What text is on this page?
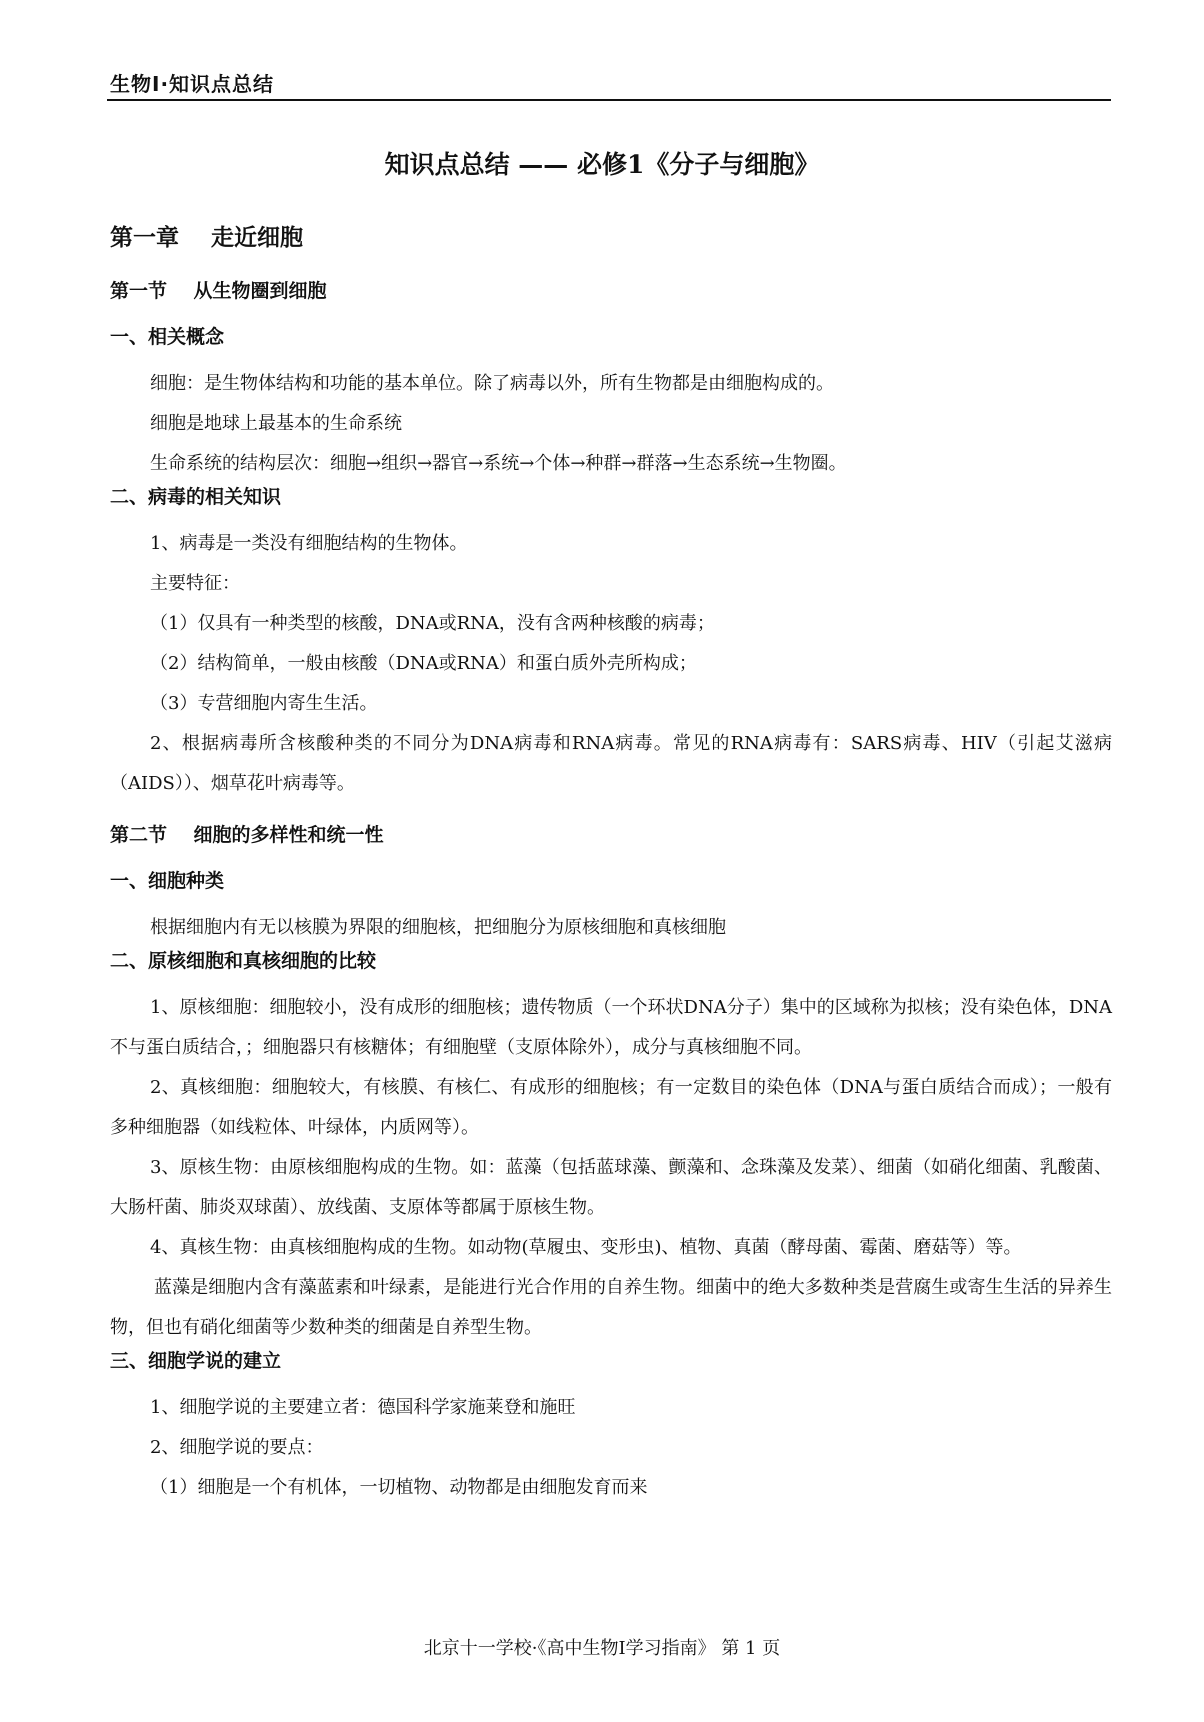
生物Ⅰ·知识点总结
知识点总结 —— 必修1《分子与细胞》
第一章    走近细胞
第一节    从生物圈到细胞
一、相关概念
细胞：是生物体结构和功能的基本单位。除了病毒以外，所有生物都是由细胞构成的。
细胞是地球上最基本的生命系统
生命系统的结构层次：细胞→组织→器官→系统→个体→种群→群落→生态系统→生物圈。
二、病毒的相关知识
1、病毒是一类没有细胞结构的生物体。
主要特征：
（1）仅具有一种类型的核酸，DNA或RNA，没有含两种核酸的病毒；
（2）结构简单，一般由核酸（DNA或RNA）和蛋白质外壳所构成；
（3）专营细胞内寄生生活。
2、根据病毒所含核酸种类的不同分为DNA病毒和RNA病毒。常见的RNA病毒有：SARS病毒、HIV（引起艾滋病（AIDS））、烟草花叶病毒等。
第二节    细胞的多样性和统一性
一、细胞种类
根据细胞内有无以核膜为界限的细胞核，把细胞分为原核细胞和真核细胞
二、原核细胞和真核细胞的比较
1、原核细胞：细胞较小，没有成形的细胞核；遗传物质（一个环状DNA分子）集中的区域称为拟核；没有染色体，DNA不与蛋白质结合，；细胞器只有核糖体；有细胞壁（支原体除外），成分与真核细胞不同。
2、真核细胞：细胞较大，有核膜、有核仁、有成形的细胞核；有一定数目的染色体（DNA与蛋白质结合而成）；一般有多种细胞器（如线粒体、叶绿体，内质网等）。
3、原核生物：由原核细胞构成的生物。如：蓝藻（包括蓝球藻、颤藻和、念珠藻及发菜）、细菌（如硝化细菌、乳酸菌、大肠杆菌、肺炎双球菌）、放线菌、支原体等都属于原核生物。
4、真核生物：由真核细胞构成的生物。如动物(草履虫、变形虫)、植物、真菌（酵母菌、霉菌、磨菇等）等。
蓝藻是细胞内含有藻蓝素和叶绿素，是能进行光合作用的自养生物。细菌中的绝大多数种类是营腐生或寄生生活的异养生物，但也有硝化细菌等少数种类的细菌是自养型生物。
三、细胞学说的建立
1、细胞学说的主要建立者：德国科学家施莱登和施旺
2、细胞学说的要点：
（1）细胞是一个有机体，一切植物、动物都是由细胞发育而来
北京十一学校·《高中生物Ⅰ学习指南》 第 1 页
